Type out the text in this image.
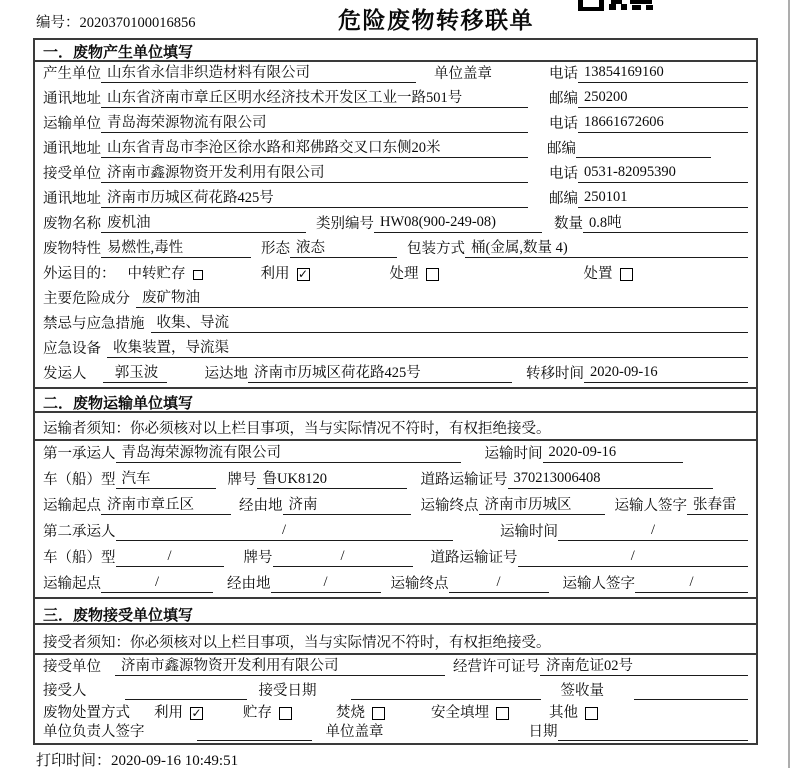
编号：2020370100016856	危险废物转移联单
一．废物产生单位填写
产生单位 山东省永信非织造材料有限公司	单位盖章	电话 13854169160
通讯地址 山东省济南市章丘区明水经济技术开发区工业一路501号	邮编 250200
运输单位 青岛海荣源物流有限公司	电话 18661672606
通讯地址 山东省青岛市李沧区徐水路和郑佛路交叉口东侧20米	邮编
接受单位 济南市鑫源物资开发利用有限公司	电话 0531-82095390
通讯地址 济南市历城区荷花路425号	邮编 250101
废物名称 废机油	类别编号 HW08(900-249-08)	数量 0.8吨
废物特性 易燃性,毒性	形态 液态	包装方式 桶(金属,数量 4)
外运目的： 中转贮存	利用 ✓	处理	处置
主要危险成分 废矿物油
禁忌与应急措施 收集、导流
应急设备 收集装置，导流渠
发运人	郭玉波	运达地 济南市历城区荷花路425号	转移时间 2020-09-16
二．废物运输单位填写
运输者须知：你必须核对以上栏目事项，当与实际情况不符时，有权拒绝接受。
第一承运人 青岛海荣源物流有限公司	运输时间 2020-09-16
车（船）型 汽车	牌号 鲁UK8120	道路运输证号 370213006408
运输起点 济南市章丘区	经由地 济南	运输终点 济南市历城区	运输人签字 张春雷
第二承运人	/	运输时间	/
车（船）型	/	牌号	/	道路运输证号	/
运输起点	/	经由地	/	运输终点	/	运输人签字	/
三．废物接受单位填写
接受者须知：你必须核对以上栏目事项，当与实际情况不符时，有权拒绝接受。
接受单位	济南市鑫源物资开发利用有限公司	经营许可证号 济南危证02号
接受人	接受日期	签收量
废物处置方式 利用 ✓	贮存	焚烧	安全填埋	其他
单位负责人签字	单位盖章	日期
打印时间：2020-09-16 10:49:51
